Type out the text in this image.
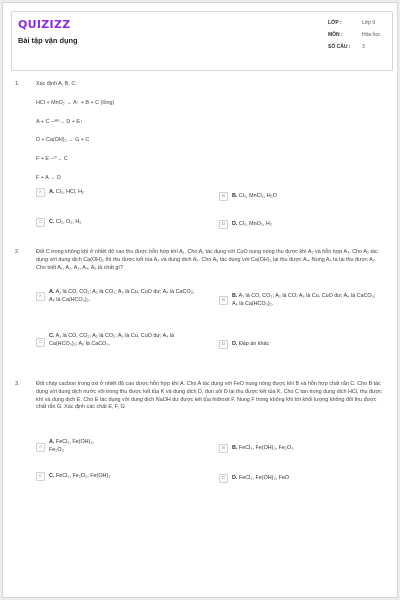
QUIZIZZ
Bài tập vận dụng
LỚP :	Lớp 9
MÔN :	Hóa học
SỐ CÂU :	3
1.	Xác định A, B, C:

HCl + MnO₂ → A↑ + B + C (lỏng)

A + C –ᵃᵏˢ→ D + E↑

D + Ca(OH)₂ → G + C

F + E –ᵗ°→ C

F + A → D

A	A. Cl₂, HCl, H₂
B	B. Cl₂, MnCl₂, H₂O
C	C. Cl₂, O₂, H₂	D	D. Cl₂, MnO₂, H₂
2.	Đốt C trong không khí ở nhiệt độ cao thu được hỗn hợp khí A₁. Cho A₁ tác dụng với CuO nung nóng thu được khí A₂ và hỗn hợp A₃. Cho A₂ tác dụng với dung dịch Ca(OH)₂ thì thu được kết tủa A₄ và dung dịch A₅. Cho A₅ tác dụng với Ca(OH)₂ lại thu được A₄. Nung A₄ ta lại thu được A₂. Cho biết A₁, A₂, A₃, A₄, A₅ là chất gì?

A
A. A₁ là CO, CO₂; A₂ là CO₂; A₃ là Cu, CuO dư; A₄ là CaCO₃; A₅ là Ca(HCO₃)₂.	B
B. A₁ là CO, CO₂; A₂ là CO; A₃ là Cu, CuO dư; A₄ là CaCO₃; A₅ là Ca(HCO₃)₂.
C
C. A₁ là CO, CO₂; A₂ là CO₂; A₃ là Cu, CuO dư; A₄ là Ca(HCO₃)₂; A₅ là CaCO₃.	D	D. Đáp án khác
3.	Đốt cháy cacbon trong oxi ở nhiệt độ cao được hỗn hợp khí A. Cho A tác dụng với FeO nung nóng được khí B và hỗn hợp chất rắn C. Cho B tác dụng với dung dịch nước vôi trong thu được kết tủa K và dung dịch D, đun sôi D lại thu được kết tủa K. Cho C tan trong dung dịch HCl, thu được khí và dung dịch E. Cho E tác dụng với dung dịch NaOH dư được kết tủa hiđroxit F. Nung F trong không khí tới khối lượng không đổi thu được chất rắn G. Xác định các chất E, F, G.

A
A. FeCl₂, Fe(OH)₂, Fe₂O₃	B	B. FeCl₃, Fe(OH)₃, Fe₂O₃
C	C. FeCl₃, Fe₂O₃, Fe(OH)₃	D	D. FeCl₃, Fe(OH)₃, FeO
